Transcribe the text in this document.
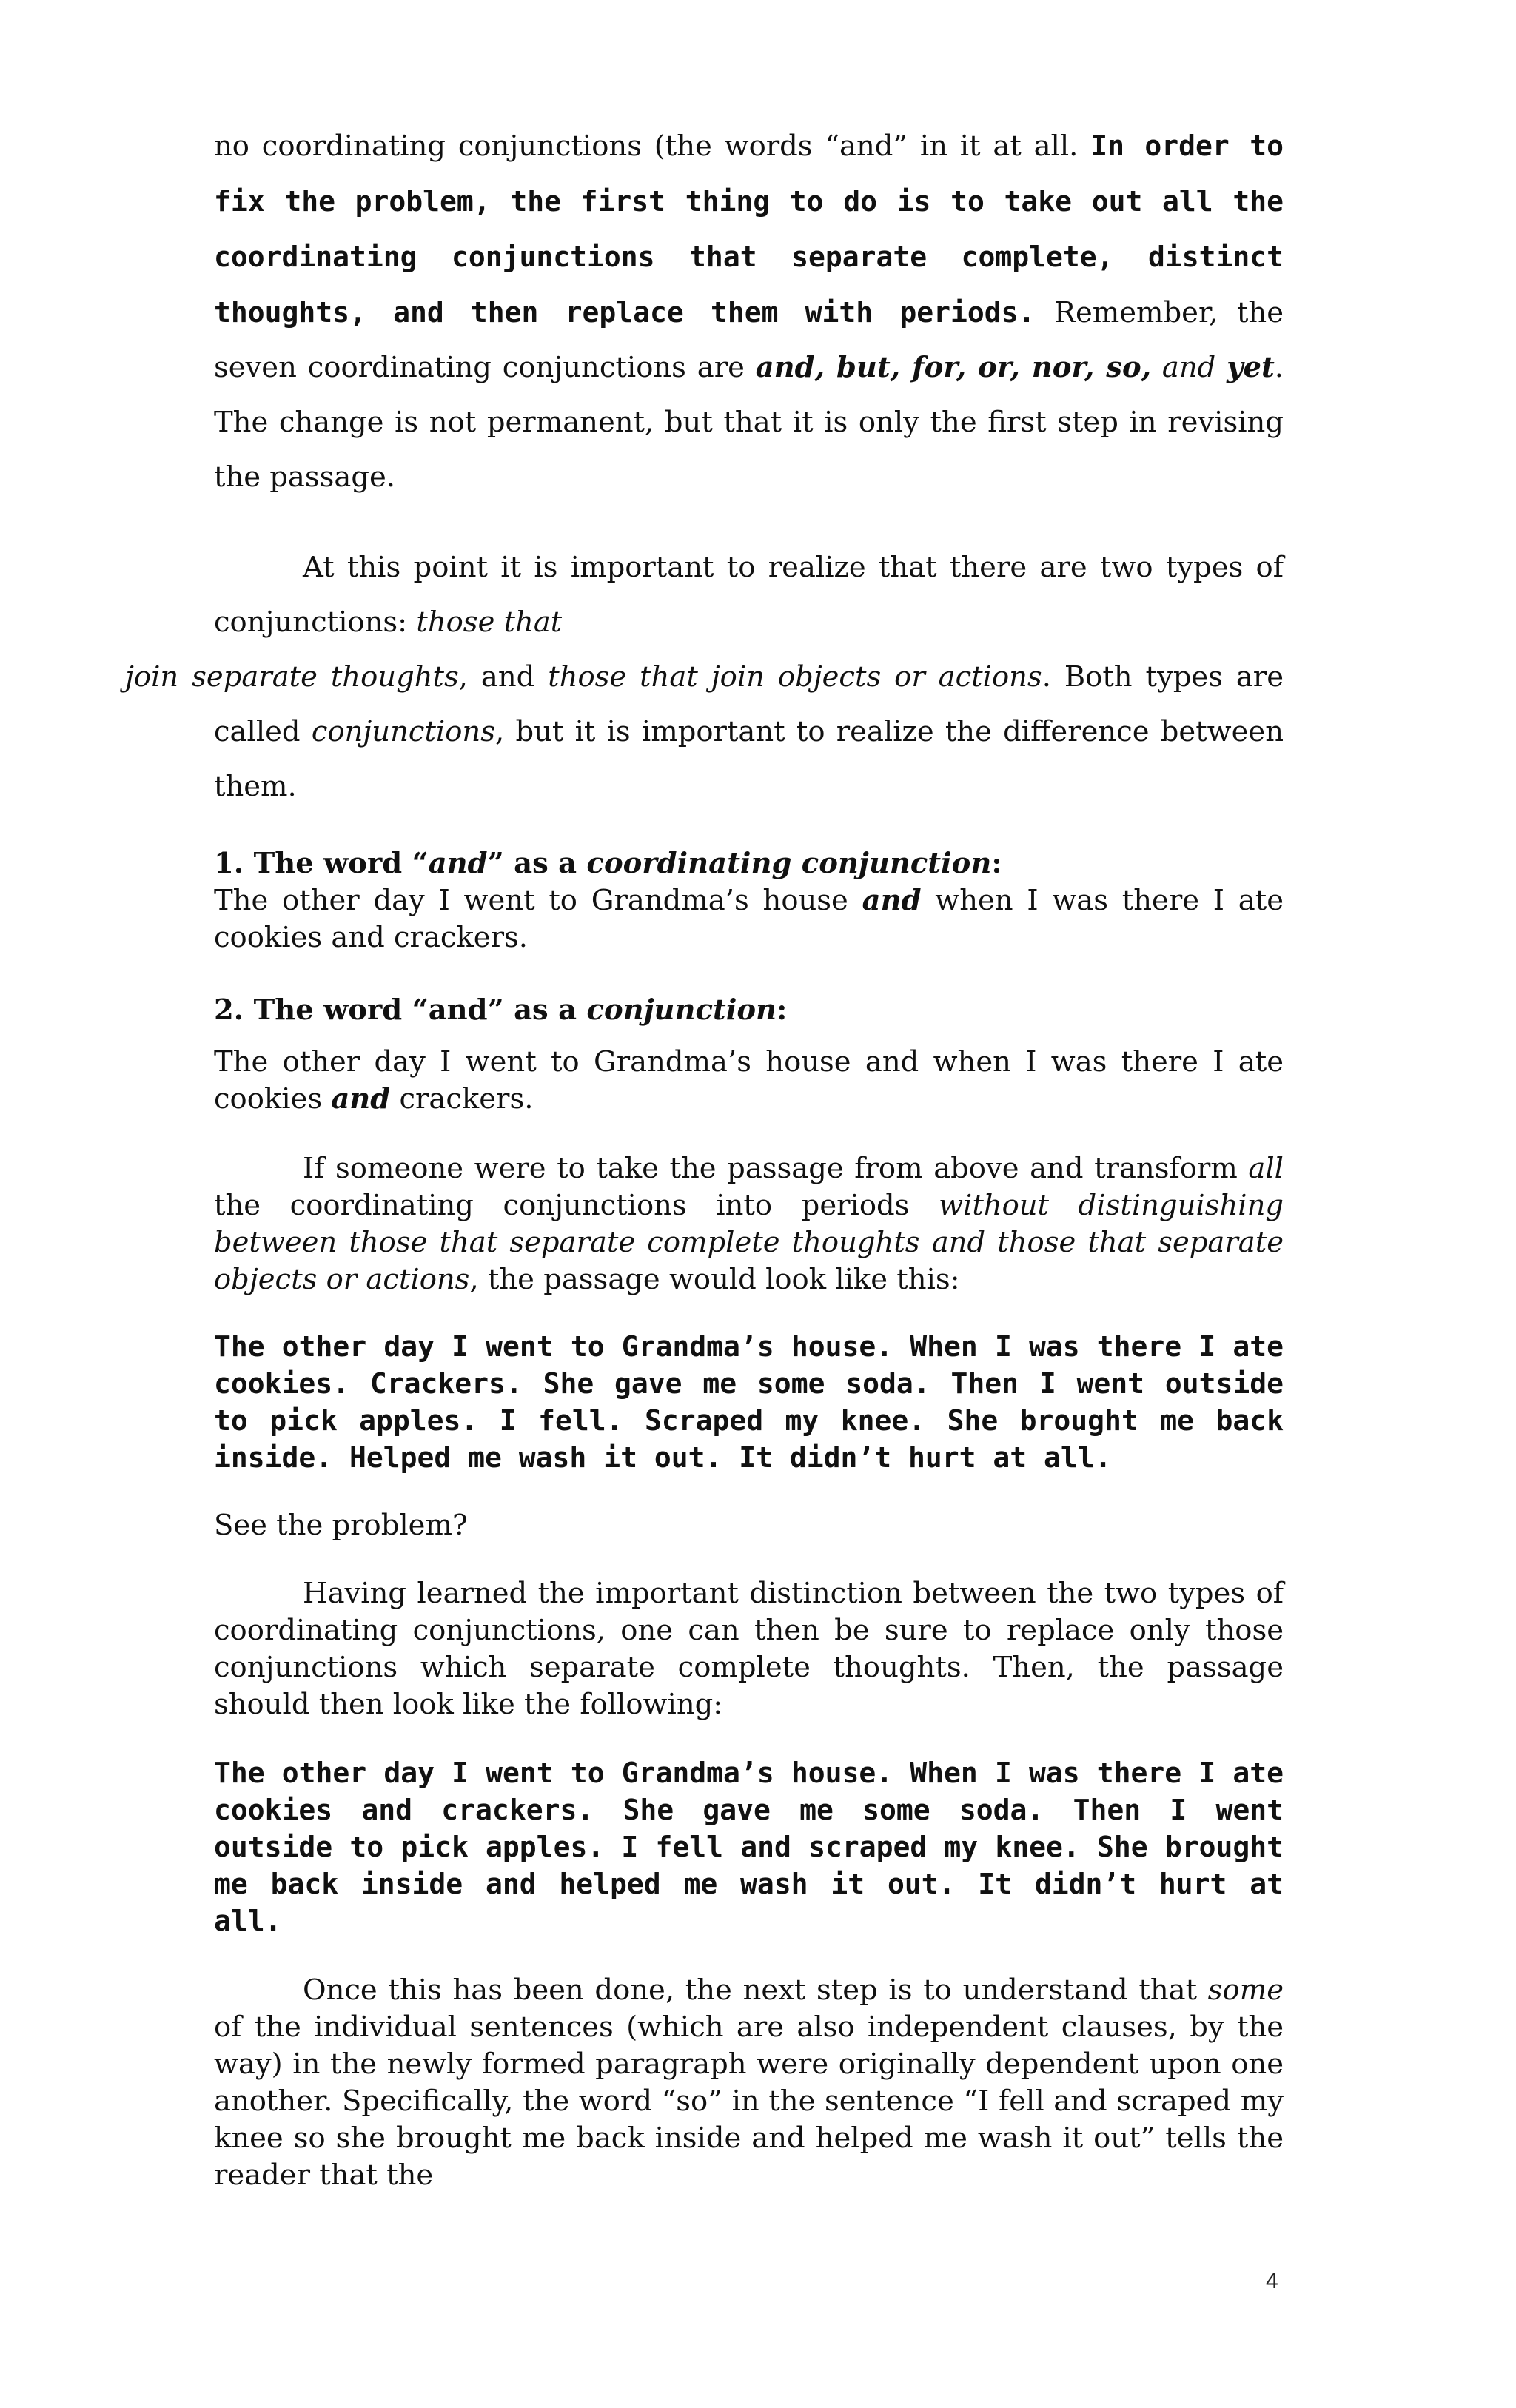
no coordinating conjunctions (the words “and” in it at all. In order to fix the problem, the first thing to do is to take out all the coordinating conjunctions that separate complete, distinct thoughts, and then replace them with periods. Remember, the seven coordinating conjunctions are and, but, for, or, nor, so, and yet. The change is not permanent, but that it is only the first step in revising the passage.

At this point it is important to realize that there are two types of conjunctions: those that
join separate thoughts, and those that join objects or actions. Both types are called conjunctions, but it is important to realize the difference between them.

1. The word “and” as a coordinating conjunction:

The other day I went to Grandma’s house and when I was there I ate cookies and crackers.

2. The word “and” as a conjunction:

The other day I went to Grandma’s house and when I was there I ate cookies and crackers.

If someone were to take the passage from above and transform all the coordinating conjunctions into periods without distinguishing between those that separate complete thoughts and those that separate objects or actions, the passage would look like this:

The other day I went to Grandma’s house. When I was there I ate cookies. Crackers. She gave me some soda. Then I went outside to pick apples. I fell. Scraped my knee. She brought me back inside. Helped me wash it out. It didn’t hurt at all.

See the problem?

Having learned the important distinction between the two types of coordinating conjunctions, one can then be sure to replace only those conjunctions which separate complete thoughts. Then, the passage should then look like the following:

The other day I went to Grandma’s house. When I was there I ate cookies and crackers. She gave me some soda. Then I went outside to pick apples. I fell and scraped my knee. She brought me back inside and helped me wash it out. It didn’t hurt at all.

Once this has been done, the next step is to understand that some of the individual sentences (which are also independent clauses, by the way) in the newly formed paragraph were originally dependent upon one another. Specifically, the word “so” in the sentence “I fell and scraped my knee so she brought me back inside and helped me wash it out” tells the reader that the

4
